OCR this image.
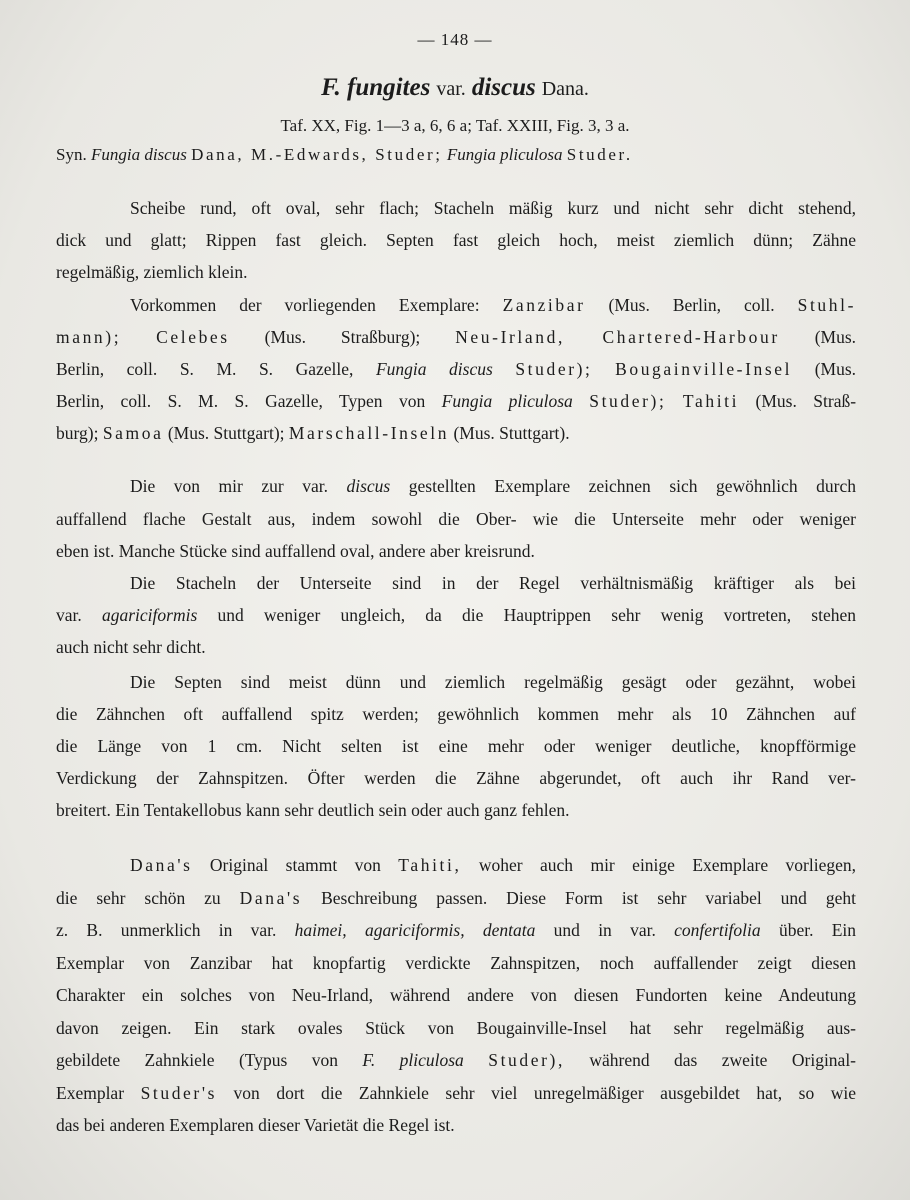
— 148 —
F. fungites var. discus Dana.
Taf. XX, Fig. 1—3 a, 6, 6 a; Taf. XXIII, Fig. 3, 3 a.
Syn. Fungia discus Dana, M.-Edwards, Studer; Fungia pliculosa Studer.
Scheibe rund, oft oval, sehr flach; Stacheln mäßig kurz und nicht sehr dicht stehend,
dick und glatt; Rippen fast gleich. Septen fast gleich hoch, meist ziemlich dünn; Zähne
regelmäßig, ziemlich klein.
Vorkommen der vorliegenden Exemplare: Zanzibar (Mus. Berlin, coll. Stuhl-
mann); Celebes (Mus. Straßburg); Neu-Irland, Chartered-Harbour (Mus.
Berlin, coll. S. M. S. Gazelle, Fungia discus Studer); Bougainville-Insel (Mus.
Berlin, coll. S. M. S. Gazelle, Typen von Fungia pliculosa Studer); Tahiti (Mus. Straß-
burg); Samoa (Mus. Stuttgart); Marschall-Inseln (Mus. Stuttgart).
Die von mir zur var. discus gestellten Exemplare zeichnen sich gewöhnlich durch
auffallend flache Gestalt aus, indem sowohl die Ober- wie die Unterseite mehr oder weniger
eben ist. Manche Stücke sind auffallend oval, andere aber kreisrund.
Die Stacheln der Unterseite sind in der Regel verhältnismäßig kräftiger als bei
var. agariciformis und weniger ungleich, da die Hauptrippen sehr wenig vortreten, stehen
auch nicht sehr dicht.
Die Septen sind meist dünn und ziemlich regelmäßig gesägt oder gezähnt, wobei
die Zähnchen oft auffallend spitz werden; gewöhnlich kommen mehr als 10 Zähnchen auf
die Länge von 1 cm. Nicht selten ist eine mehr oder weniger deutliche, knopfförmige
Verdickung der Zahnspitzen. Öfter werden die Zähne abgerundet, oft auch ihr Rand ver-
breitert. Ein Tentakellobus kann sehr deutlich sein oder auch ganz fehlen.
Dana's Original stammt von Tahiti, woher auch mir einige Exemplare vorliegen,
die sehr schön zu Dana's Beschreibung passen. Diese Form ist sehr variabel und geht
z. B. unmerklich in var. haimei, agariciformis, dentata und in var. confertifolia über. Ein
Exemplar von Zanzibar hat knopfartig verdickte Zahnspitzen, noch auffallender zeigt diesen
Charakter ein solches von Neu-Irland, während andere von diesen Fundorten keine Andeutung
davon zeigen. Ein stark ovales Stück von Bougainville-Insel hat sehr regelmäßig aus-
gebildete Zahnkiele (Typus von F. pliculosa Studer), während das zweite Original-
Exemplar Studer's von dort die Zahnkiele sehr viel unregelmäßiger ausgebildet hat, so wie
das bei anderen Exemplaren dieser Varietät die Regel ist.
